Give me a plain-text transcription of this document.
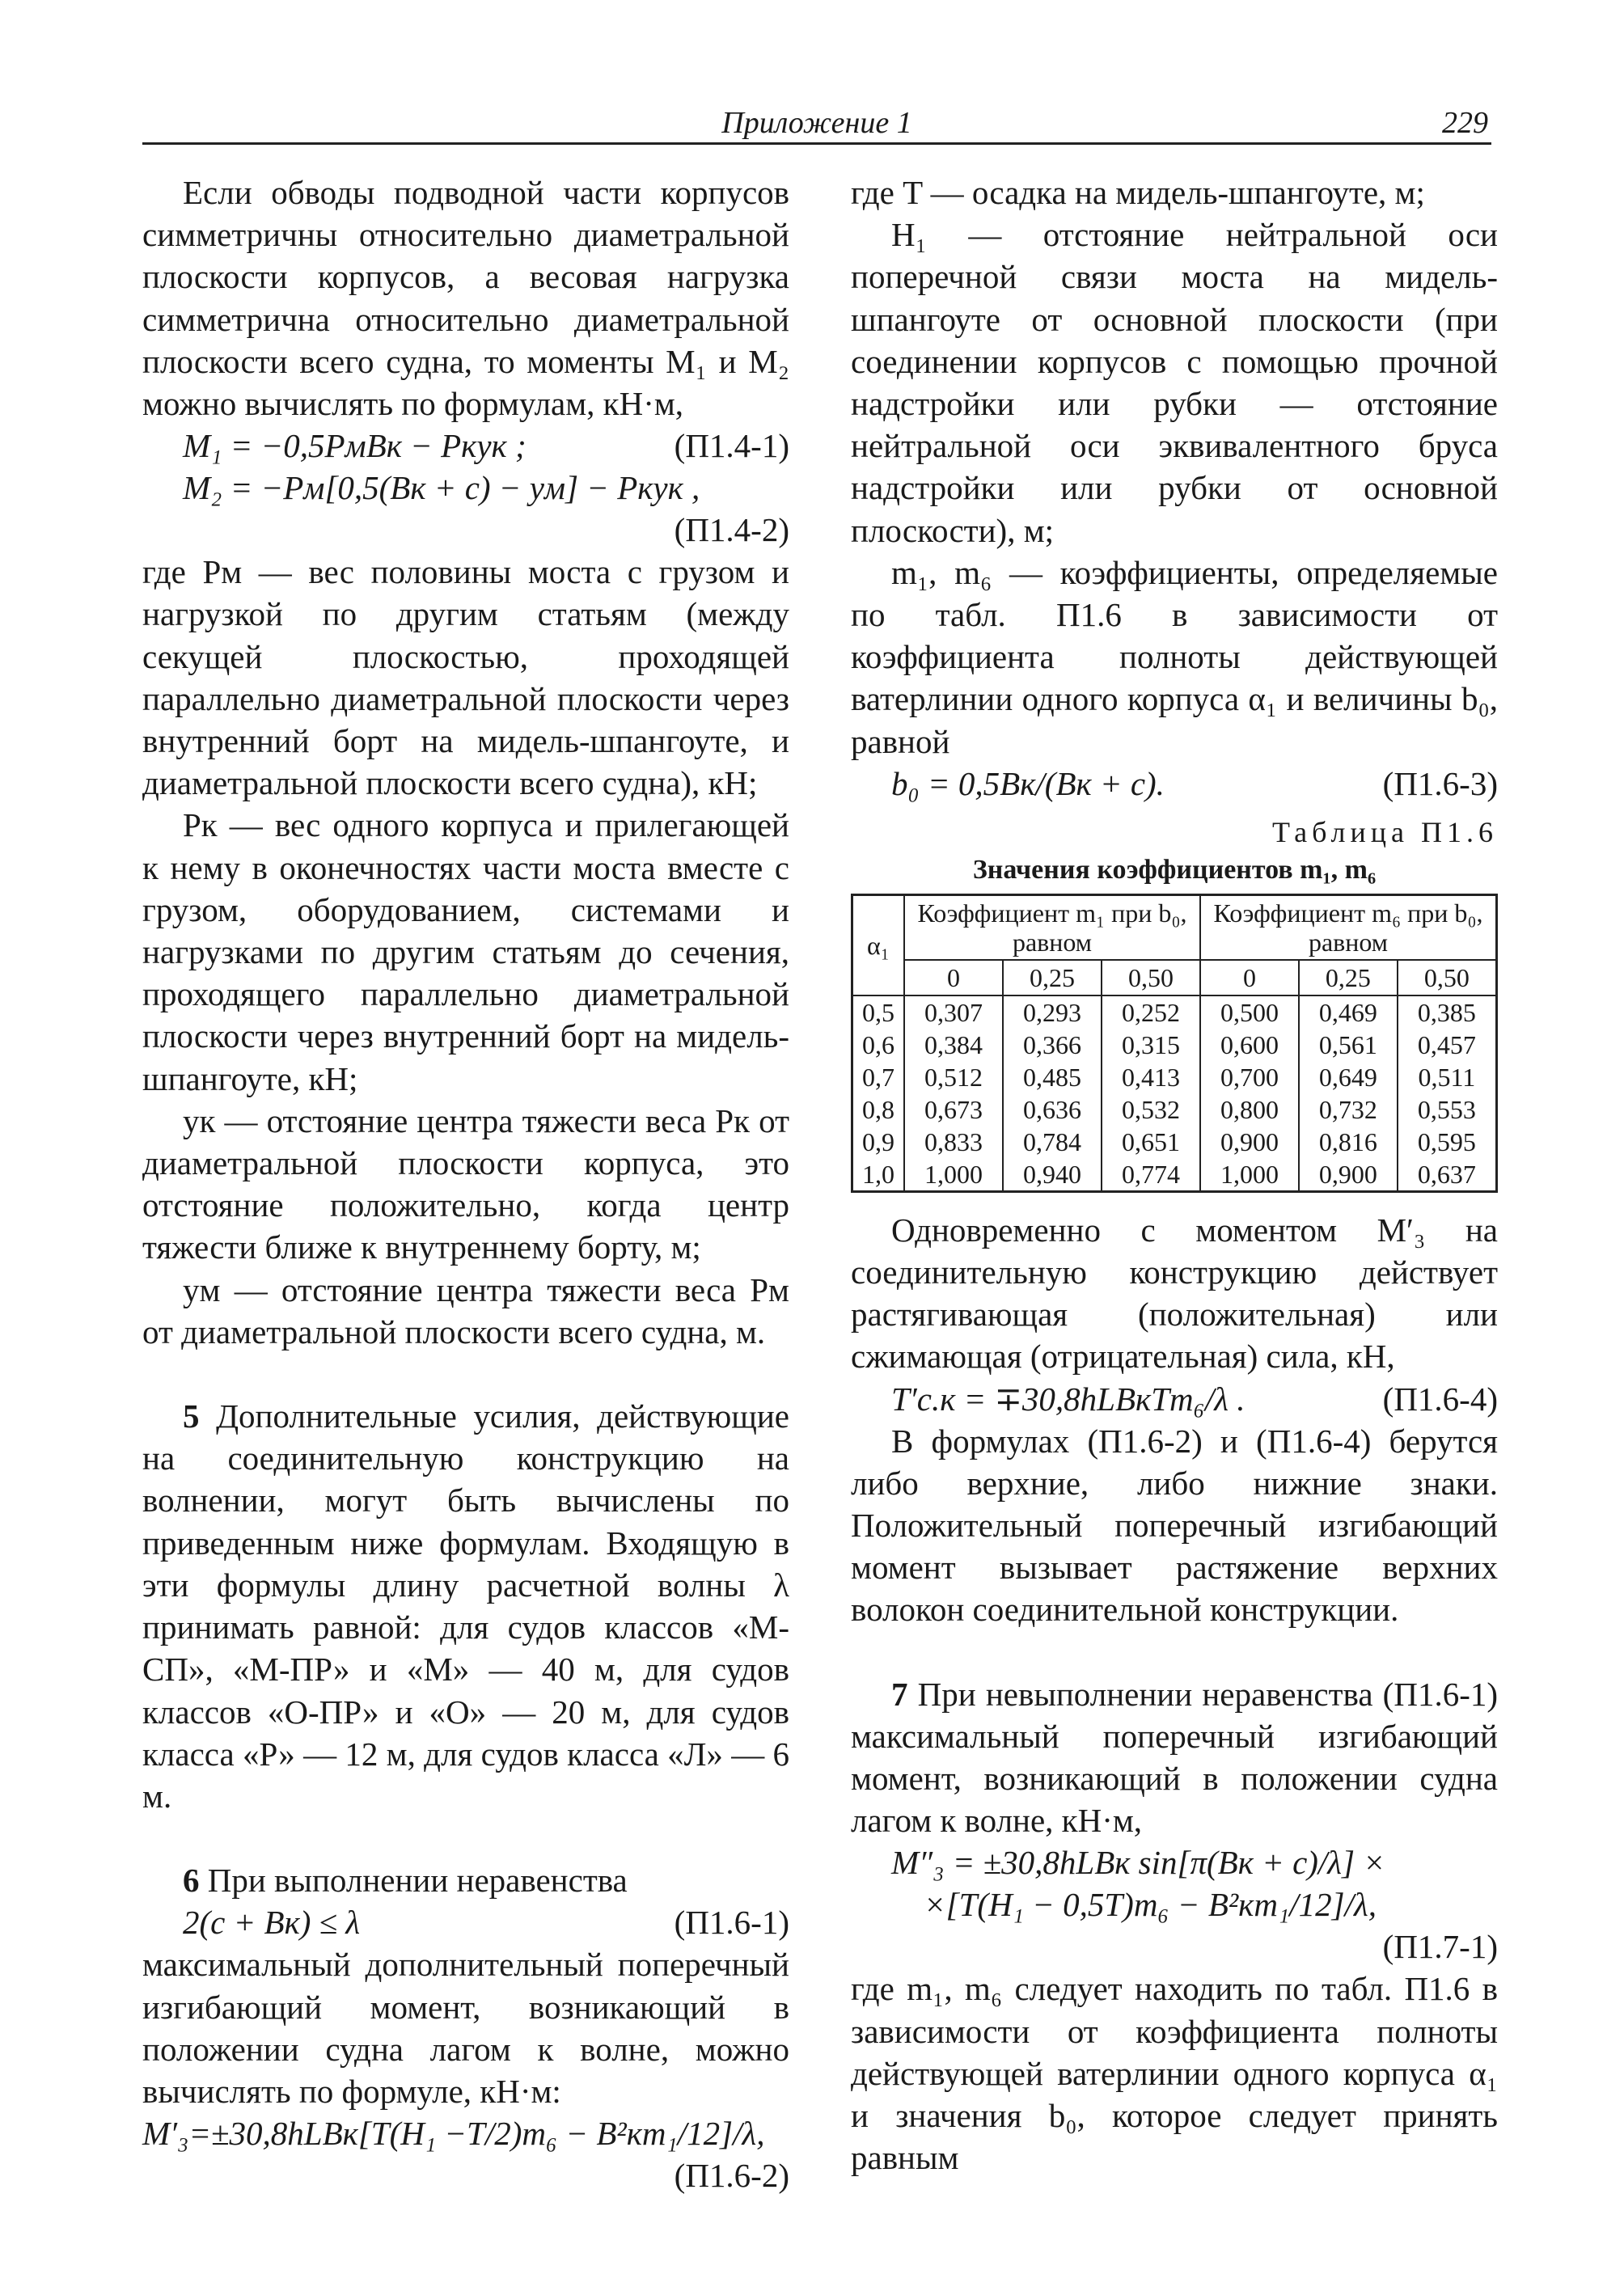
Приложение 1	229

Если обводы подводной части корпусов симметричны относительно диаметральной плоскости корпусов, а весовая нагрузка симметрична относительно диаметральной плоскости всего судна, то моменты M₁ и M₂ можно вычислять по формулам, кН·м,

M₁ = −0,5PмBк − Pкyк ;	(П1.4-1)
M₂ = −Pм[0,5(Bк + c) − yм] − Pкyк ,
(П1.4-2)

где Pм — вес половины моста с грузом и нагрузкой по другим статьям (между секущей плоскостью, проходящей параллельно диаметральной плоскости через внутренний борт на мидель-шпангоуте, и диаметральной плоскости всего судна), кН;

Pк — вес одного корпуса и прилегающей к нему в оконечностях части моста вместе с грузом, оборудованием, системами и нагрузками по другим статьям до сечения, проходящего параллельно диаметральной плоскости через внутренний борт на мидель-шпангоуте, кН;

yк — отстояние центра тяжести веса Pк от диаметральной плоскости корпуса, это отстояние положительно, когда центр тяжести ближе к внутреннему борту, м;

yм — отстояние центра тяжести веса Pм от диаметральной плоскости всего судна, м.

5 Дополнительные усилия, действующие на соединительную конструкцию на волнении, могут быть вычислены по приведенным ниже формулам. Входящую в эти формулы длину расчетной волны λ принимать равной: для судов классов «М-СП», «М-ПР» и «М» — 40 м, для судов классов «О-ПР» и «О» — 20 м, для судов класса «Р» — 12 м, для судов класса «Л» — 6 м.

6 При выполнении неравенства

2(c + Bк) ≤ λ	(П1.6-1)

максимальный дополнительный поперечный изгибающий момент, возникающий в положении судна лагом к волне, можно вычислять по формуле, кН·м:

M′₃=±30,8hLBк[T(H₁ −T/2)m₆ − B²кm₁/12]/λ,
(П1.6-2)

где T — осадка на мидель-шпангоуте, м;

H₁ — отстояние нейтральной оси поперечной связи моста на мидель-шпангоуте от основной плоскости (при соединении корпусов с помощью прочной надстройки или рубки — отстояние нейтральной оси эквивалентного бруса надстройки или рубки от основной плоскости), м;

m₁, m₆ — коэффициенты, определяемые по табл. П1.6 в зависимости от коэффициента полноты действующей ватерлинии одного корпуса α₁ и величины b₀, равной

b₀ = 0,5Bк/(Bк + c).	(П1.6-3)
Таблица П1.6
Значения коэффициентов m₁, m₆
α₁	Коэффициент m₁ при b₀, равном			Коэффициент m₆ при b₀, равном		
	0	0,25	0,50	0	0,25	0,50
0,5	0,307	0,293	0,252	0,500	0,469	0,385
0,6	0,384	0,366	0,315	0,600	0,561	0,457
0,7	0,512	0,485	0,413	0,700	0,649	0,511
0,8	0,673	0,636	0,532	0,800	0,732	0,553
0,9	0,833	0,784	0,651	0,900	0,816	0,595
1,0	1,000	0,940	0,774	1,000	0,900	0,637

Одновременно с моментом M′₃ на соединительную конструкцию действует растягивающая (положительная) или сжимающая (отрицательная) сила, кН,

T′с.к = ∓30,8hLBкTm₆/λ .	(П1.6-4)

В формулах (П1.6-2) и (П1.6-4) берутся либо верхние, либо нижние знаки. Положительный поперечный изгибающий момент вызывает растяжение верхних волокон соединительной конструкции.

7 При невыполнении неравенства (П1.6-1) максимальный поперечный изгибающий момент, возникающий в положении судна лагом к волне, кН·м,

M″₃ = ±30,8hLBк sin[π(Bк + c)/λ] ×
×[T(H₁ − 0,5T)m₆ − B²кm₁/12]/λ,
(П1.7-1)

где m₁, m₆ следует находить по табл. П1.6 в зависимости от коэффициента полноты действующей ватерлинии одного корпуса α₁ и значения b₀, которое следует принять равным
